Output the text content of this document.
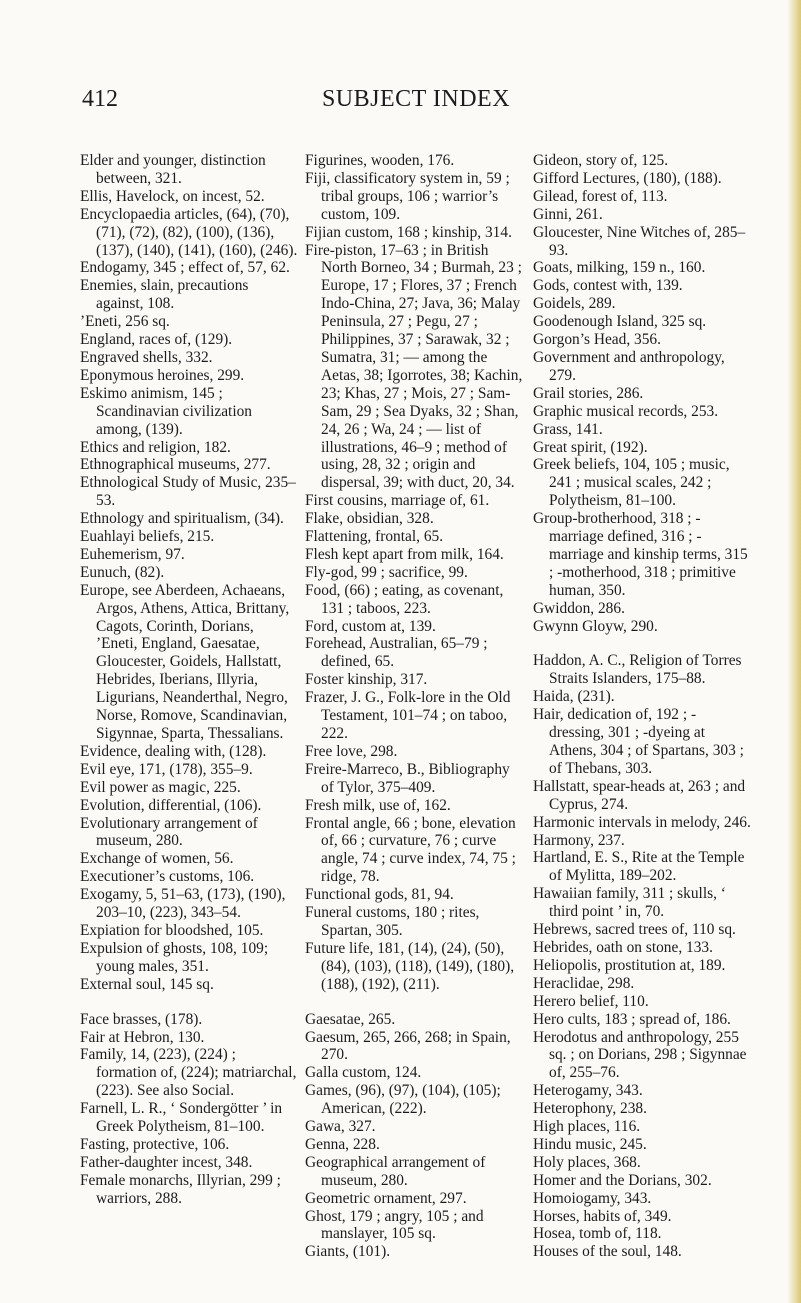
412	SUBJECT INDEX

Elder and younger, distinction between, 321.

Ellis, Havelock, on incest, 52.

Encyclopaedia articles, (64), (70), (71), (72), (82), (100), (136), (137), (140), (141), (160), (246).

Endogamy, 345 ; effect of, 57, 62.

Enemies, slain, precautions against, 108.

’Eneti, 256 sq.

England, races of, (129).

Engraved shells, 332.

Eponymous heroines, 299.

Eskimo animism, 145 ; Scandinavian civilization among, (139).

Ethics and religion, 182.

Ethnographical museums, 277.

Ethnological Study of Music, 235–53.

Ethnology and spiritualism, (34).

Euahlayi beliefs, 215.

Euhemerism, 97.

Eunuch, (82).

Europe, see Aberdeen, Achaeans, Argos, Athens, Attica, Brittany, Cagots, Corinth, Dorians, ’Eneti, England, Gaesatae, Gloucester, Goidels, Hallstatt, Hebrides, Iberians, Illyria, Ligurians, Neanderthal, Negro, Norse, Romove, Scandinavian, Sigynnae, Sparta, Thessalians.

Evidence, dealing with, (128).

Evil eye, 171, (178), 355–9.

Evil power as magic, 225.

Evolution, differential, (106).

Evolutionary arrangement of museum, 280.

Exchange of women, 56.

Executioner’s customs, 106.

Exogamy, 5, 51–63, (173), (190), 203–10, (223), 343–54.

Expiation for bloodshed, 105.

Expulsion of ghosts, 108, 109; young males, 351.

External soul, 145 sq.

Face brasses, (178).

Fair at Hebron, 130.

Family, 14, (223), (224) ; formation of, (224); matriarchal, (223). See also Social.

Farnell, L. R., ‘ Sondergötter ’ in Greek Polytheism, 81–100.

Fasting, protective, 106.

Father-daughter incest, 348.

Female monarchs, Illyrian, 299 ; warriors, 288.

Figurines, wooden, 176.

Fiji, classificatory system in, 59 ; tribal groups, 106 ; warrior’s custom, 109.

Fijian custom, 168 ; kinship, 314.

Fire-piston, 17–63 ; in British North Borneo, 34 ; Burmah, 23 ; Europe, 17 ; Flores, 37 ; French Indo-China, 27; Java, 36; Malay Peninsula, 27 ; Pegu, 27 ; Philippines, 37 ; Sarawak, 32 ; Sumatra, 31; — among the Aetas, 38; Igorrotes, 38; Kachin, 23; Khas, 27 ; Mois, 27 ; Sam-Sam, 29 ; Sea Dyaks, 32 ; Shan, 24, 26 ; Wa, 24 ; — list of illustrations, 46–9 ; method of using, 28, 32 ; origin and dispersal, 39; with duct, 20, 34.

First cousins, marriage of, 61.

Flake, obsidian, 328.

Flattening, frontal, 65.

Flesh kept apart from milk, 164.

Fly-god, 99 ; sacrifice, 99.

Food, (66) ; eating, as covenant, 131 ; taboos, 223.

Ford, custom at, 139.

Forehead, Australian, 65–79 ; defined, 65.

Foster kinship, 317.

Frazer, J. G., Folk-lore in the Old Testament, 101–74 ; on taboo, 222.

Free love, 298.

Freire-Marreco, B., Bibliography of Tylor, 375–409.

Fresh milk, use of, 162.

Frontal angle, 66 ; bone, elevation of, 66 ; curvature, 76 ; curve angle, 74 ; curve index, 74, 75 ; ridge, 78.

Functional gods, 81, 94.

Funeral customs, 180 ; rites, Spartan, 305.

Future life, 181, (14), (24), (50), (84), (103), (118), (149), (180), (188), (192), (211).

Gaesatae, 265.

Gaesum, 265, 266, 268; in Spain, 270.

Galla custom, 124.

Games, (96), (97), (104), (105); American, (222).

Gawa, 327.

Genna, 228.

Geographical arrangement of museum, 280.

Geometric ornament, 297.

Ghost, 179 ; angry, 105 ; and manslayer, 105 sq.

Giants, (101).

Gideon, story of, 125.

Gifford Lectures, (180), (188).

Gilead, forest of, 113.

Ginni, 261.

Gloucester, Nine Witches of, 285–93.

Goats, milking, 159 n., 160.

Gods, contest with, 139.

Goidels, 289.

Goodenough Island, 325 sq.

Gorgon’s Head, 356.

Government and anthropology, 279.

Grail stories, 286.

Graphic musical records, 253.

Grass, 141.

Great spirit, (192).

Greek beliefs, 104, 105 ; music, 241 ; musical scales, 242 ; Polytheism, 81–100.

Group-brotherhood, 318 ; -marriage defined, 316 ; -marriage and kinship terms, 315 ; -motherhood, 318 ; primitive human, 350.

Gwiddon, 286.

Gwynn Gloyw, 290.

Haddon, A. C., Religion of Torres Straits Islanders, 175–88.

Haida, (231).

Hair, dedication of, 192 ; -dressing, 301 ; -dyeing at Athens, 304 ; of Spartans, 303 ; of Thebans, 303.

Hallstatt, spear-heads at, 263 ; and Cyprus, 274.

Harmonic intervals in melody, 246.

Harmony, 237.

Hartland, E. S., Rite at the Temple of Mylitta, 189–202.

Hawaiian family, 311 ; skulls, ‘ third point ’ in, 70.

Hebrews, sacred trees of, 110 sq.

Hebrides, oath on stone, 133.

Heliopolis, prostitution at, 189.

Heraclidae, 298.

Herero belief, 110.

Hero cults, 183 ; spread of, 186.

Herodotus and anthropology, 255 sq. ; on Dorians, 298 ; Sigynnae of, 255–76.

Heterogamy, 343.

Heterophony, 238.

High places, 116.

Hindu music, 245.

Holy places, 368.

Homer and the Dorians, 302.

Homoiogamy, 343.

Horses, habits of, 349.

Hosea, tomb of, 118.

Houses of the soul, 148.
